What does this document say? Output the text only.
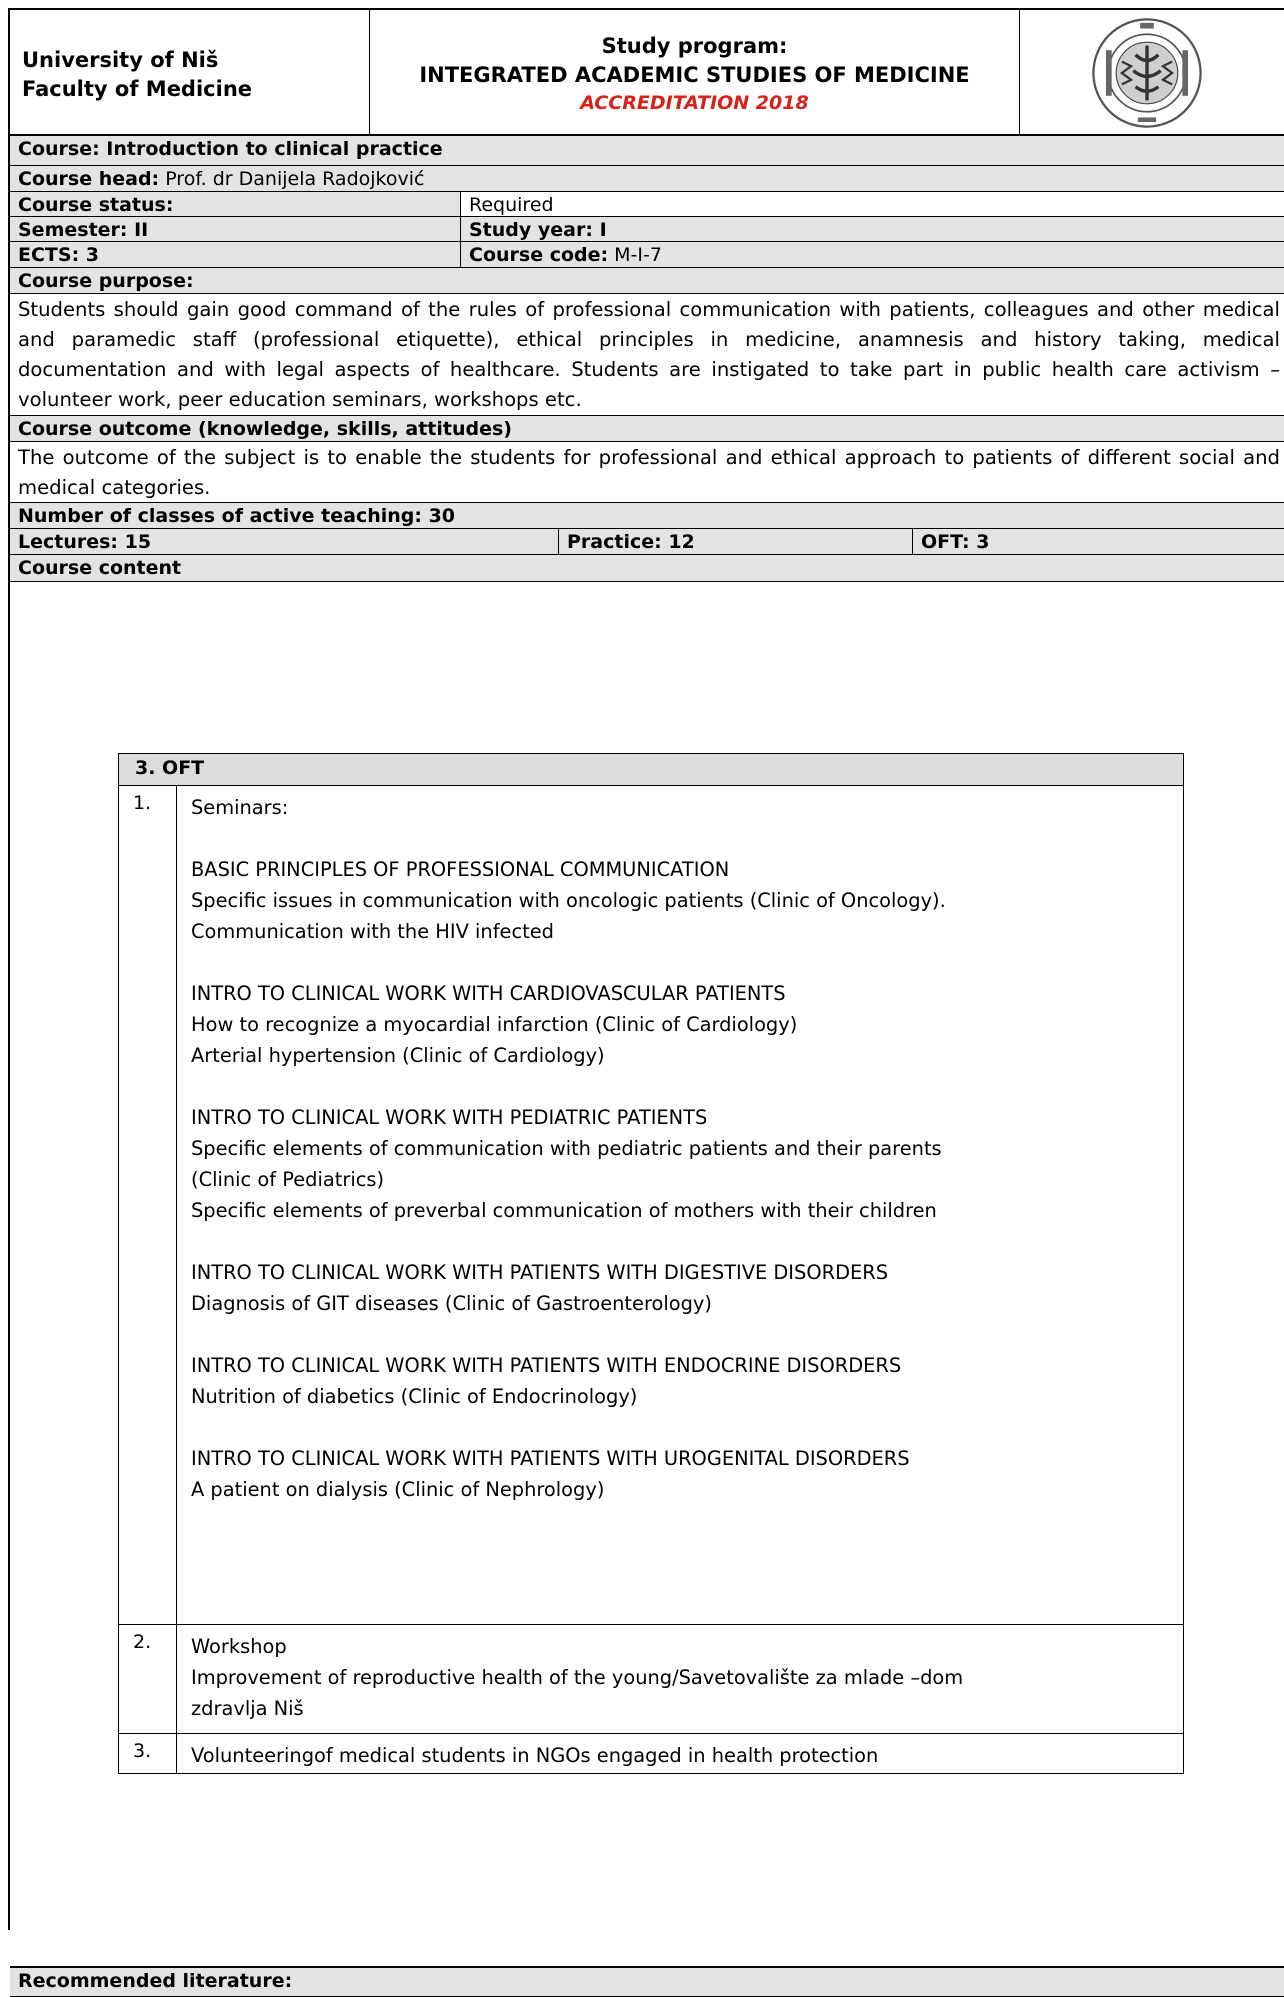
University of Niš
Faculty of Medicine
Study program:
INTEGRATED ACADEMIC STUDIES OF MEDICINE
ACCREDITATION 2018
Course: Introduction to clinical practice
Course head: Prof. dr Danijela Radojković
Course status:	Required
Semester: II	Study year: I
ECTS: 3	Course code: M-I-7
Course purpose:
Students should gain good command of the rules of professional communication with patients, colleagues and other medical and paramedic staff (professional etiquette), ethical principles in medicine, anamnesis and history taking, medical documentation and with legal aspects of healthcare. Students are instigated to take part in public health care activism – volunteer work, peer education seminars, workshops etc.
Course outcome (knowledge, skills, attitudes)
The outcome of the subject is to enable the students for professional and ethical approach to patients of different social and medical categories.
Number of classes of active teaching: 30
Lectures: 15	Practice: 12	OFT: 3
Course content
Recommended literature:
3. OFT
1.	Seminars:

BASIC PRINCIPLES OF PROFESSIONAL COMMUNICATION
Specific issues in communication with oncologic patients (Clinic of Oncology).
Communication with the HIV infected

INTRO TO CLINICAL WORK WITH CARDIOVASCULAR PATIENTS
How to recognize a myocardial infarction (Clinic of Cardiology)
Arterial hypertension (Clinic of Cardiology)

INTRO TO CLINICAL WORK WITH PEDIATRIC PATIENTS
Specific elements of communication with pediatric patients and their parents
(Clinic of Pediatrics)
Specific elements of preverbal communication of mothers with their children

INTRO TO CLINICAL WORK WITH PATIENTS WITH DIGESTIVE DISORDERS
Diagnosis of GIT diseases (Clinic of Gastroenterology)

INTRO TO CLINICAL WORK WITH PATIENTS WITH ENDOCRINE DISORDERS
Nutrition of diabetics (Clinic of Endocrinology)

INTRO TO CLINICAL WORK WITH PATIENTS WITH UROGENITAL DISORDERS
A patient on dialysis (Clinic of Nephrology)
2.	Workshop
Improvement of reproductive health of the young/Savetovalište za mlade –dom
zdravlja Niš
3.	Volunteeringof medical students in NGOs engaged in health protection
